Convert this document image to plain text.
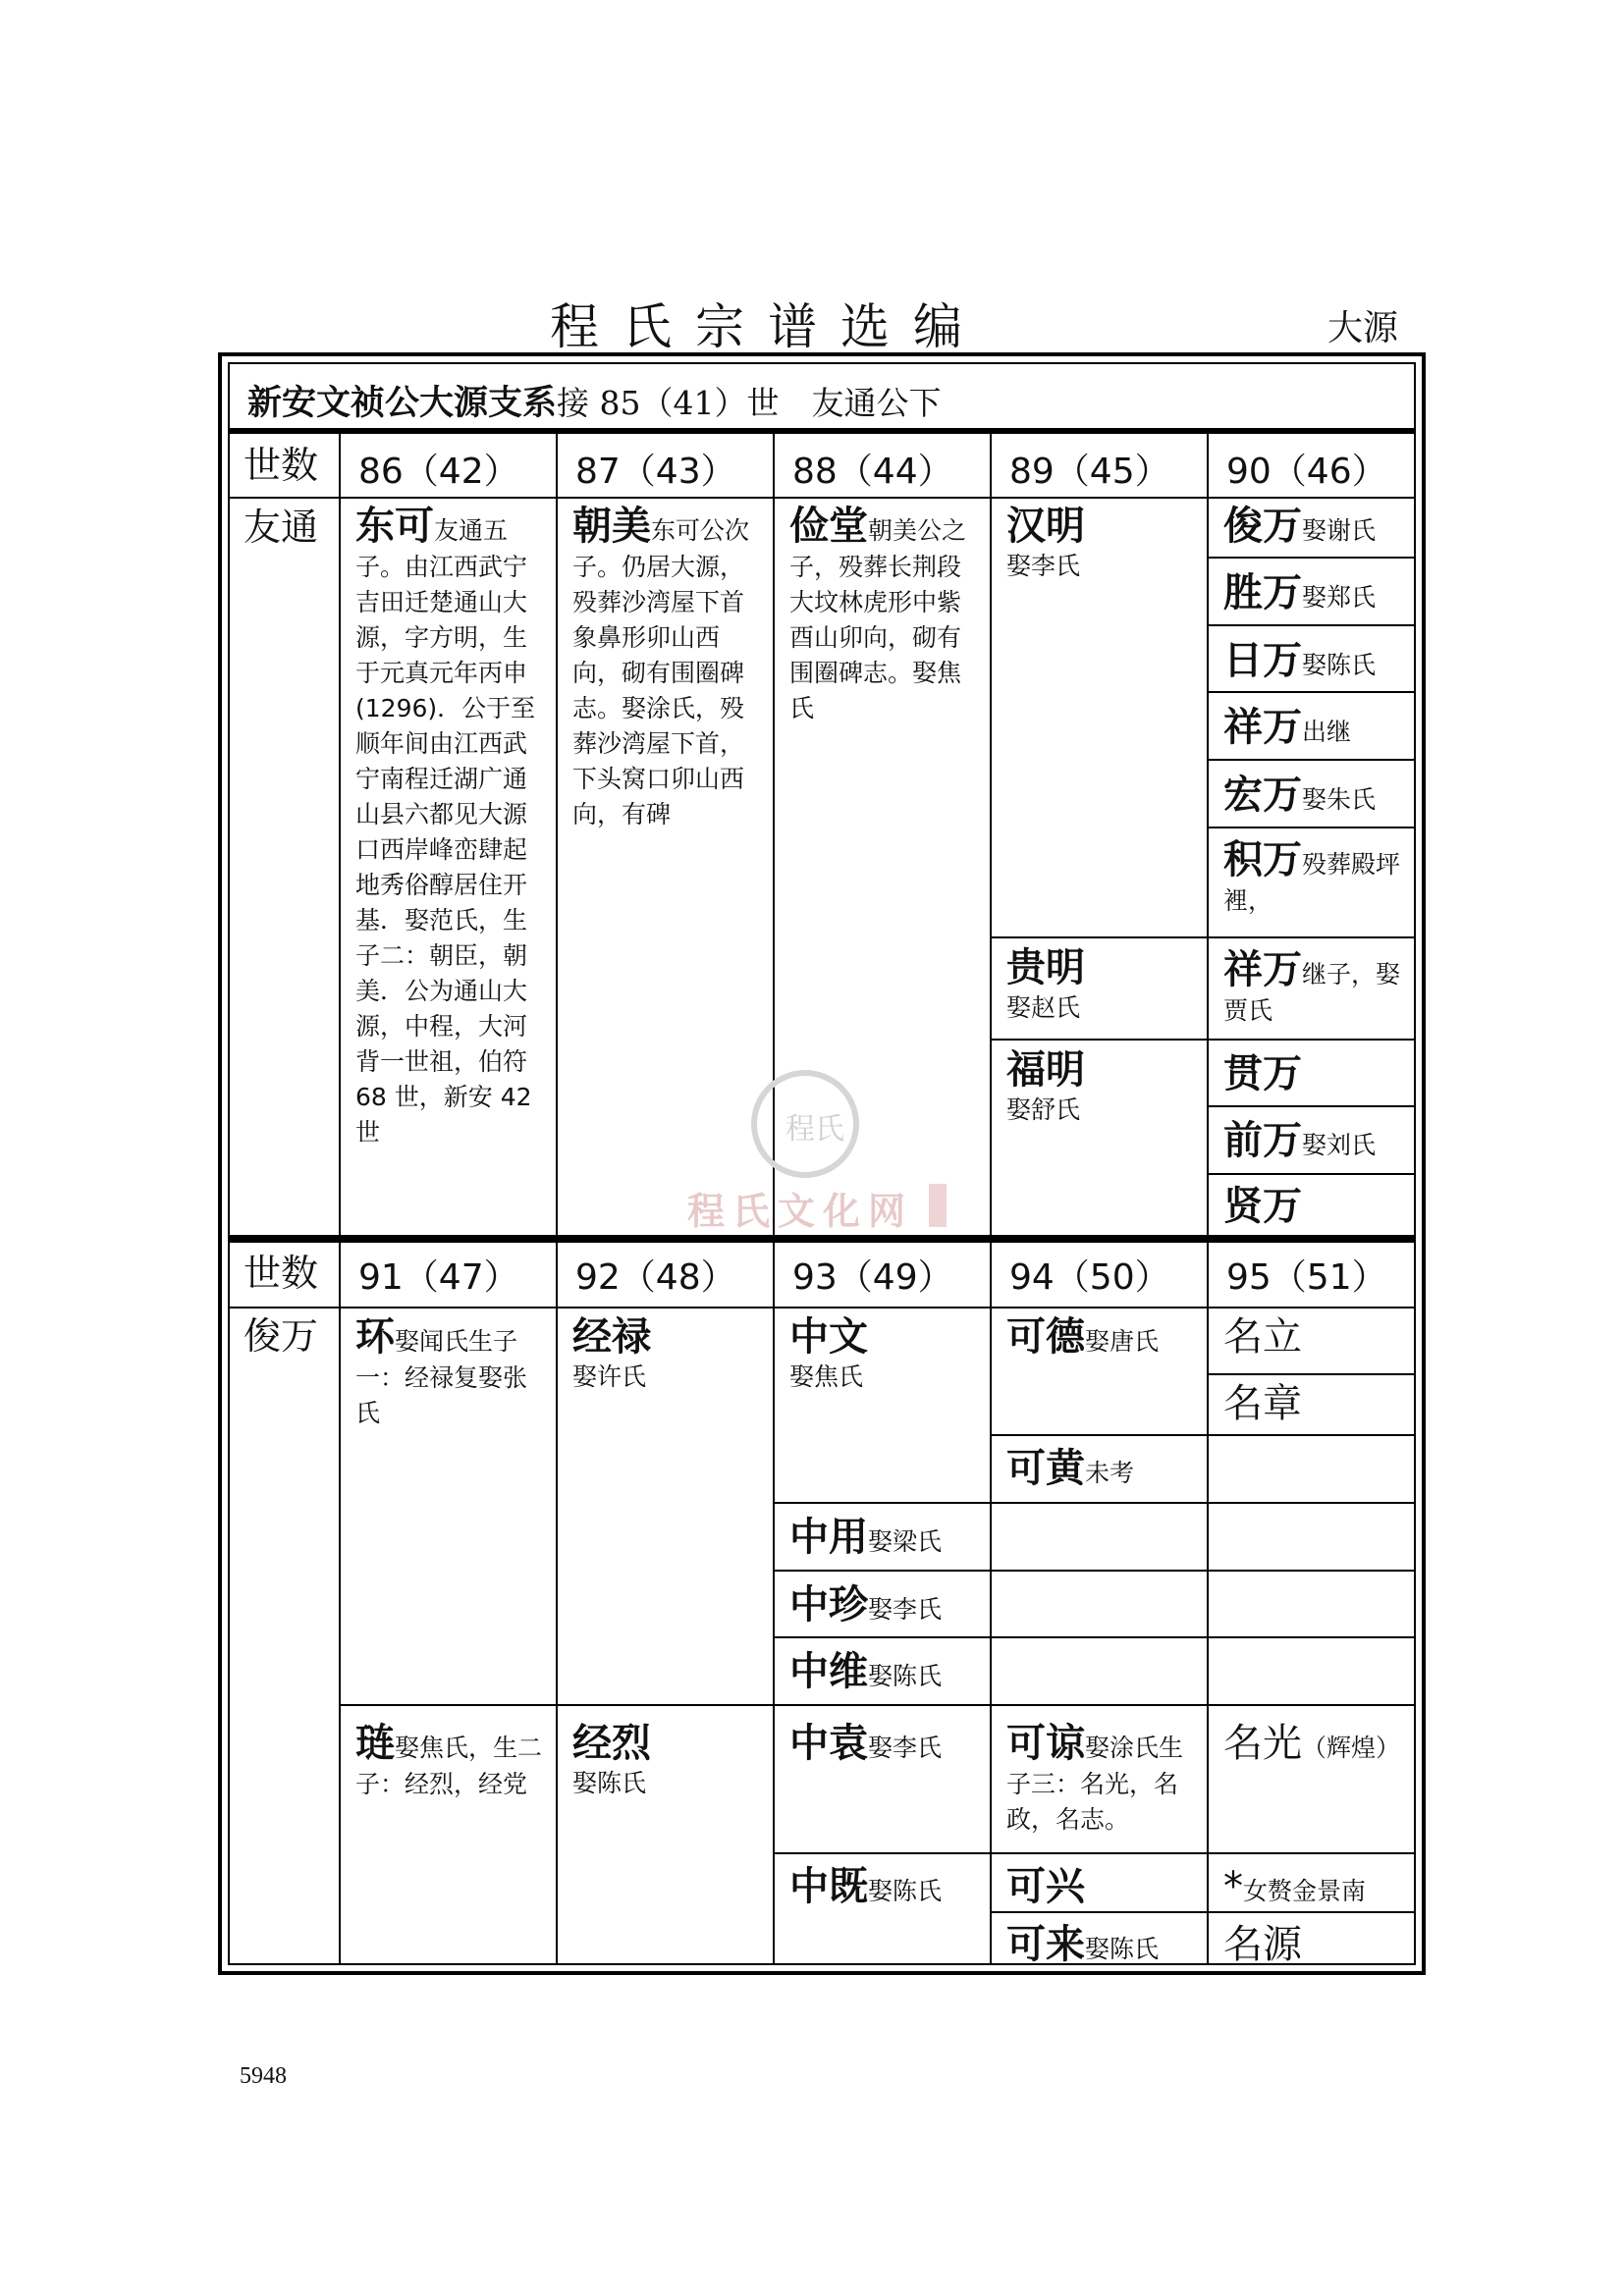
程氏宗谱选编	大源
新安文祯公大源支系接 85（41）世　友通公下
世数 86（42） 87（43） 88（44） 89（45） 90（46）
友通 东可友通五子。由江西武宁吉田迁楚通山大源，字方明，生于元真元年丙申(1296)．公于至顺年间由江西武宁南程迁湖广通山县六都见大源口西岸峰峦肆起地秀俗醇居住开基．娶范氏，生子二：朝臣，朝美．公为通山大源，中程，大河背一世祖，伯符 68 世，新安 42 世
朝美东可公次子。仍居大源，殁葬沙湾屋下首象鼻形卯山西向，砌有围圈碑志。娶涂氏，殁葬沙湾屋下首，下头窝口卯山西向，有碑
俭堂朝美公之子，殁葬长荆段大坟林虎形中紫酉山卯向，砌有围圈碑志。娶焦氏
汉明
娶李氏
贵明
娶赵氏
福明
娶舒氏
俊万娶谢氏
胜万娶郑氏
日万娶陈氏
祥万出继
宏万娶朱氏
积万殁葬殿坪裡，
祥万继子，娶贾氏
贯万
前万娶刘氏
贤万
世数 91（47） 92（48） 93（49） 94（50） 95（51）
俊万 环娶闻氏生子一：经禄复娶张氏
琏娶焦氏，生二子：经烈，经党
经禄
娶许氏
经烈
娶陈氏
中文
娶焦氏
中用娶梁氏
中珍娶李氏
中维娶陈氏
中袁娶李氏
中既娶陈氏
可德娶唐氏
可黄未考
可谅娶涂氏生子三：名光，名政，名志。
可兴
可来娶陈氏
名立
名章
名光（辉煌）
*女赘金景南
名源
程氏
程氏文化网
5948
